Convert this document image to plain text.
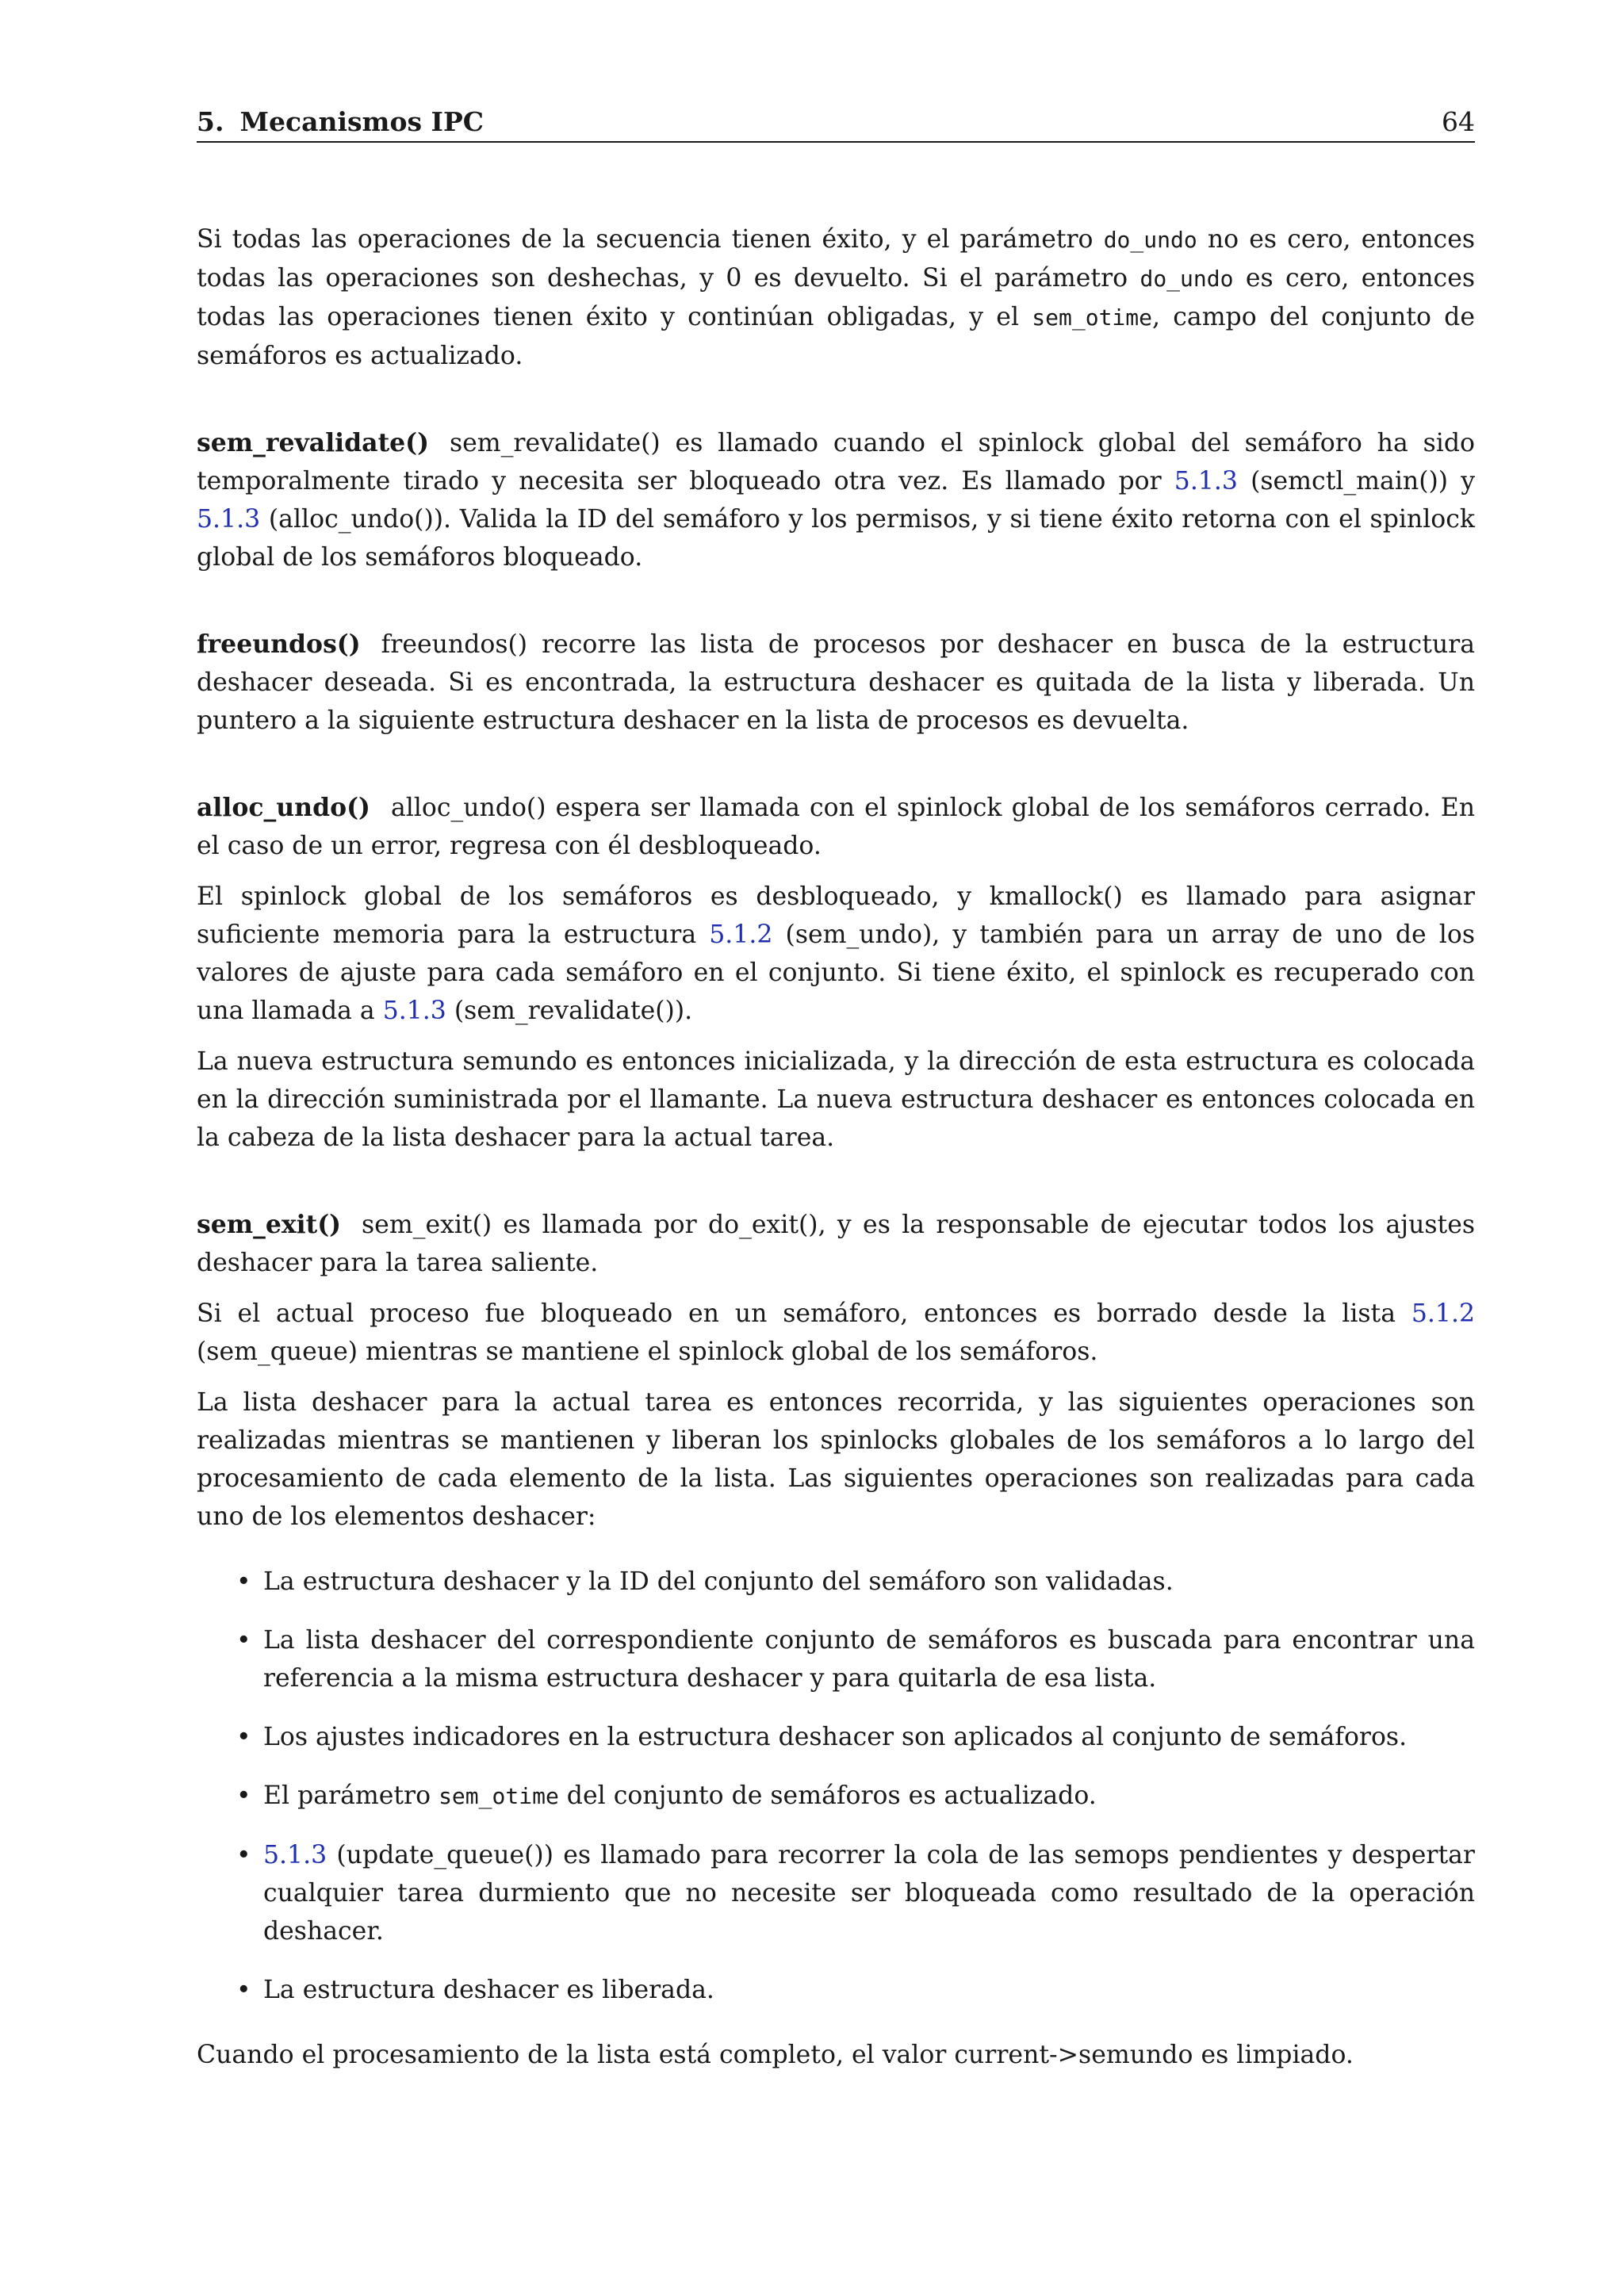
5. Mecanismos IPC	64

Si todas las operaciones de la secuencia tienen éxito, y el parámetro do_undo no es cero, entonces todas las operaciones son deshechas, y 0 es devuelto. Si el parámetro do_undo es cero, entonces todas las operaciones tienen éxito y continúan obligadas, y el sem_otime, campo del conjunto de semáforos es actualizado.

sem_revalidate() sem_revalidate() es llamado cuando el spinlock global del semáforo ha sido temporalmente tirado y necesita ser bloqueado otra vez. Es llamado por 5.1.3 (semctl_main()) y 5.1.3 (alloc_undo()). Valida la ID del semáforo y los permisos, y si tiene éxito retorna con el spinlock global de los semáforos bloqueado.

freeundos() freeundos() recorre las lista de procesos por deshacer en busca de la estructura deshacer deseada. Si es encontrada, la estructura deshacer es quitada de la lista y liberada. Un puntero a la siguiente estructura deshacer en la lista de procesos es devuelta.

alloc_undo() alloc_undo() espera ser llamada con el spinlock global de los semáforos cerrado. En el caso de un error, regresa con él desbloqueado.

El spinlock global de los semáforos es desbloqueado, y kmallock() es llamado para asignar suficiente memoria para la estructura 5.1.2 (sem_undo), y también para un array de uno de los valores de ajuste para cada semáforo en el conjunto. Si tiene éxito, el spinlock es recuperado con una llamada a 5.1.3 (sem_revalidate()).

La nueva estructura semundo es entonces inicializada, y la dirección de esta estructura es colocada en la dirección suministrada por el llamante. La nueva estructura deshacer es entonces colocada en la cabeza de la lista deshacer para la actual tarea.

sem_exit() sem_exit() es llamada por do_exit(), y es la responsable de ejecutar todos los ajustes deshacer para la tarea saliente.

Si el actual proceso fue bloqueado en un semáforo, entonces es borrado desde la lista 5.1.2 (sem_queue) mientras se mantiene el spinlock global de los semáforos.

La lista deshacer para la actual tarea es entonces recorrida, y las siguientes operaciones son realizadas mientras se mantienen y liberan los spinlocks globales de los semáforos a lo largo del procesamiento de cada elemento de la lista. Las siguientes operaciones son realizadas para cada uno de los elementos deshacer:

• La estructura deshacer y la ID del conjunto del semáforo son validadas.
• La lista deshacer del correspondiente conjunto de semáforos es buscada para encontrar una referencia a la misma estructura deshacer y para quitarla de esa lista.
• Los ajustes indicadores en la estructura deshacer son aplicados al conjunto de semáforos.
• El parámetro sem_otime del conjunto de semáforos es actualizado.
• 5.1.3 (update_queue()) es llamado para recorrer la cola de las semops pendientes y despertar cualquier tarea durmiento que no necesite ser bloqueada como resultado de la operación deshacer.
• La estructura deshacer es liberada.

Cuando el procesamiento de la lista está completo, el valor current->semundo es limpiado.
